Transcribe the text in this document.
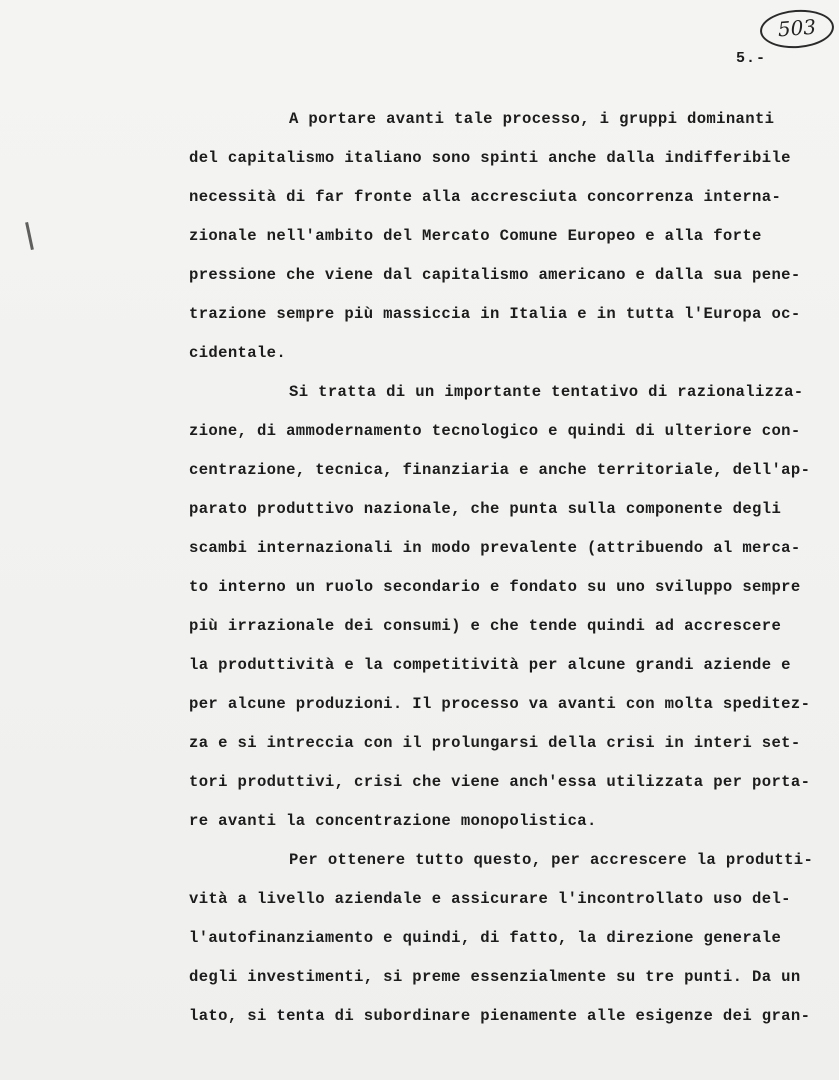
503
5.-
A portare avanti tale processo, i gruppi dominanti
del capitalismo italiano sono spinti anche dalla indifferibile
necessità di far fronte alla accresciuta concorrenza interna-
zionale nell'ambito del Mercato Comune Europeo e alla forte
pressione che viene dal capitalismo americano e dalla sua pene-
trazione sempre più massiccia in Italia e in tutta l'Europa oc-
cidentale.
Si tratta di un importante tentativo di razionalizza-
zione, di ammodernamento tecnologico e quindi di ulteriore con-
centrazione, tecnica, finanziaria e anche territoriale, dell'ap-
parato produttivo nazionale, che punta sulla componente degli
scambi internazionali in modo prevalente (attribuendo al merca-
to interno un ruolo secondario e fondato su uno sviluppo sempre
più irrazionale dei consumi) e che tende quindi ad accrescere
la produttività e la competitività per alcune grandi aziende e
per alcune produzioni. Il processo va avanti con molta speditez-
za e si intreccia con il prolungarsi della crisi in interi set-
tori produttivi, crisi che viene anch'essa utilizzata per porta-
re avanti la concentrazione monopolistica.
Per ottenere tutto questo, per accrescere la produtti-
vità a livello aziendale e assicurare l'incontrollato uso del-
l'autofinanziamento e quindi, di fatto, la direzione generale
degli investimenti, si preme essenzialmente su tre punti. Da un
lato, si tenta di subordinare pienamente alle esigenze dei gran-
